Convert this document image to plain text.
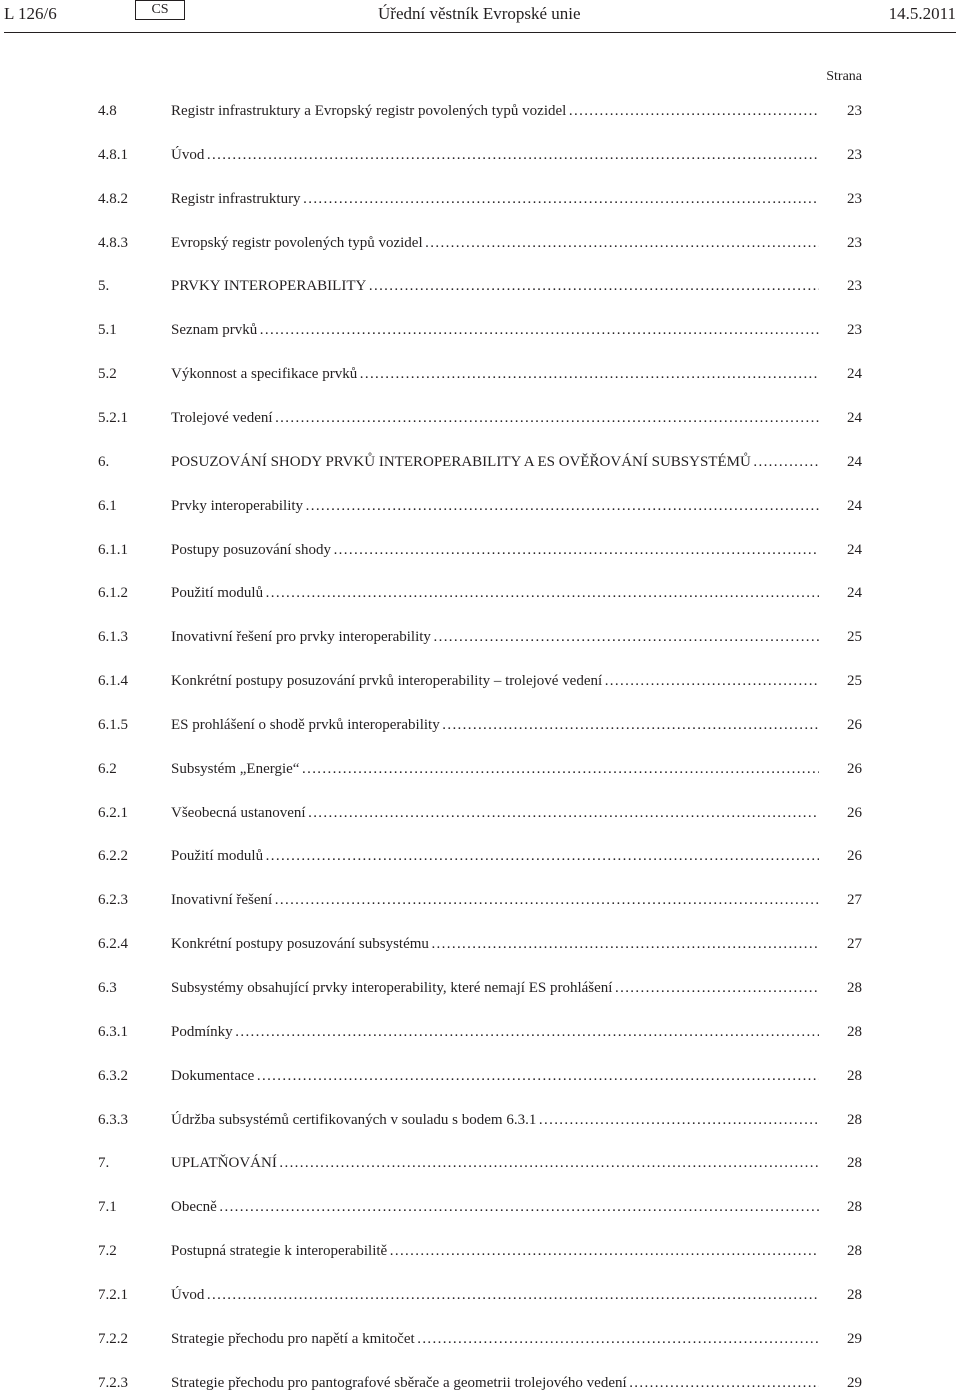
L 126/6	CS	Úřední věstník Evropské unie	14.5.2011
Strana
4.8	Registr infrastruktury a Evropský registr povolených typů vozidel . . .	23
4.8.1	Úvod . . .	23
4.8.2	Registr infrastruktury . . .	23
4.8.3	Evropský registr povolených typů vozidel . . .	23
5.	PRVKY INTEROPERABILITY . . .	23
5.1	Seznam prvků . . .	23
5.2	Výkonnost a specifikace prvků . . .	24
5.2.1	Trolejové vedení . . .	24
6.	POSUZOVÁNÍ SHODY PRVKŮ INTEROPERABILITY A ES OVĚŘOVÁNÍ SUBSYSTÉMŮ . . .	24
6.1	Prvky interoperability . . .	24
6.1.1	Postupy posuzování shody . . .	24
6.1.2	Použití modulů . . .	24
6.1.3	Inovativní řešení pro prvky interoperability . . .	25
6.1.4	Konkrétní postupy posuzování prvků interoperability – trolejové vedení . . .	25
6.1.5	ES prohlášení o shodě prvků interoperability . . .	26
6.2	Subsystém „Energie“ . . .	26
6.2.1	Všeobecná ustanovení . . .	26
6.2.2	Použití modulů . . .	26
6.2.3	Inovativní řešení . . .	27
6.2.4	Konkrétní postupy posuzování subsystému . . .	27
6.3	Subsystémy obsahující prvky interoperability, které nemají ES prohlášení . . .	28
6.3.1	Podmínky . . .	28
6.3.2	Dokumentace . . .	28
6.3.3	Údržba subsystémů certifikovaných v souladu s bodem 6.3.1 . . .	28
7.	UPLATŇOVÁNÍ . . .	28
7.1	Obecně . . .	28
7.2	Postupná strategie k interoperabilitě . . .	28
7.2.1	Úvod . . .	28
7.2.2	Strategie přechodu pro napětí a kmitočet . . .	29
7.2.3	Strategie přechodu pro pantografové sběrače a geometrii trolejového vedení . . .	29
